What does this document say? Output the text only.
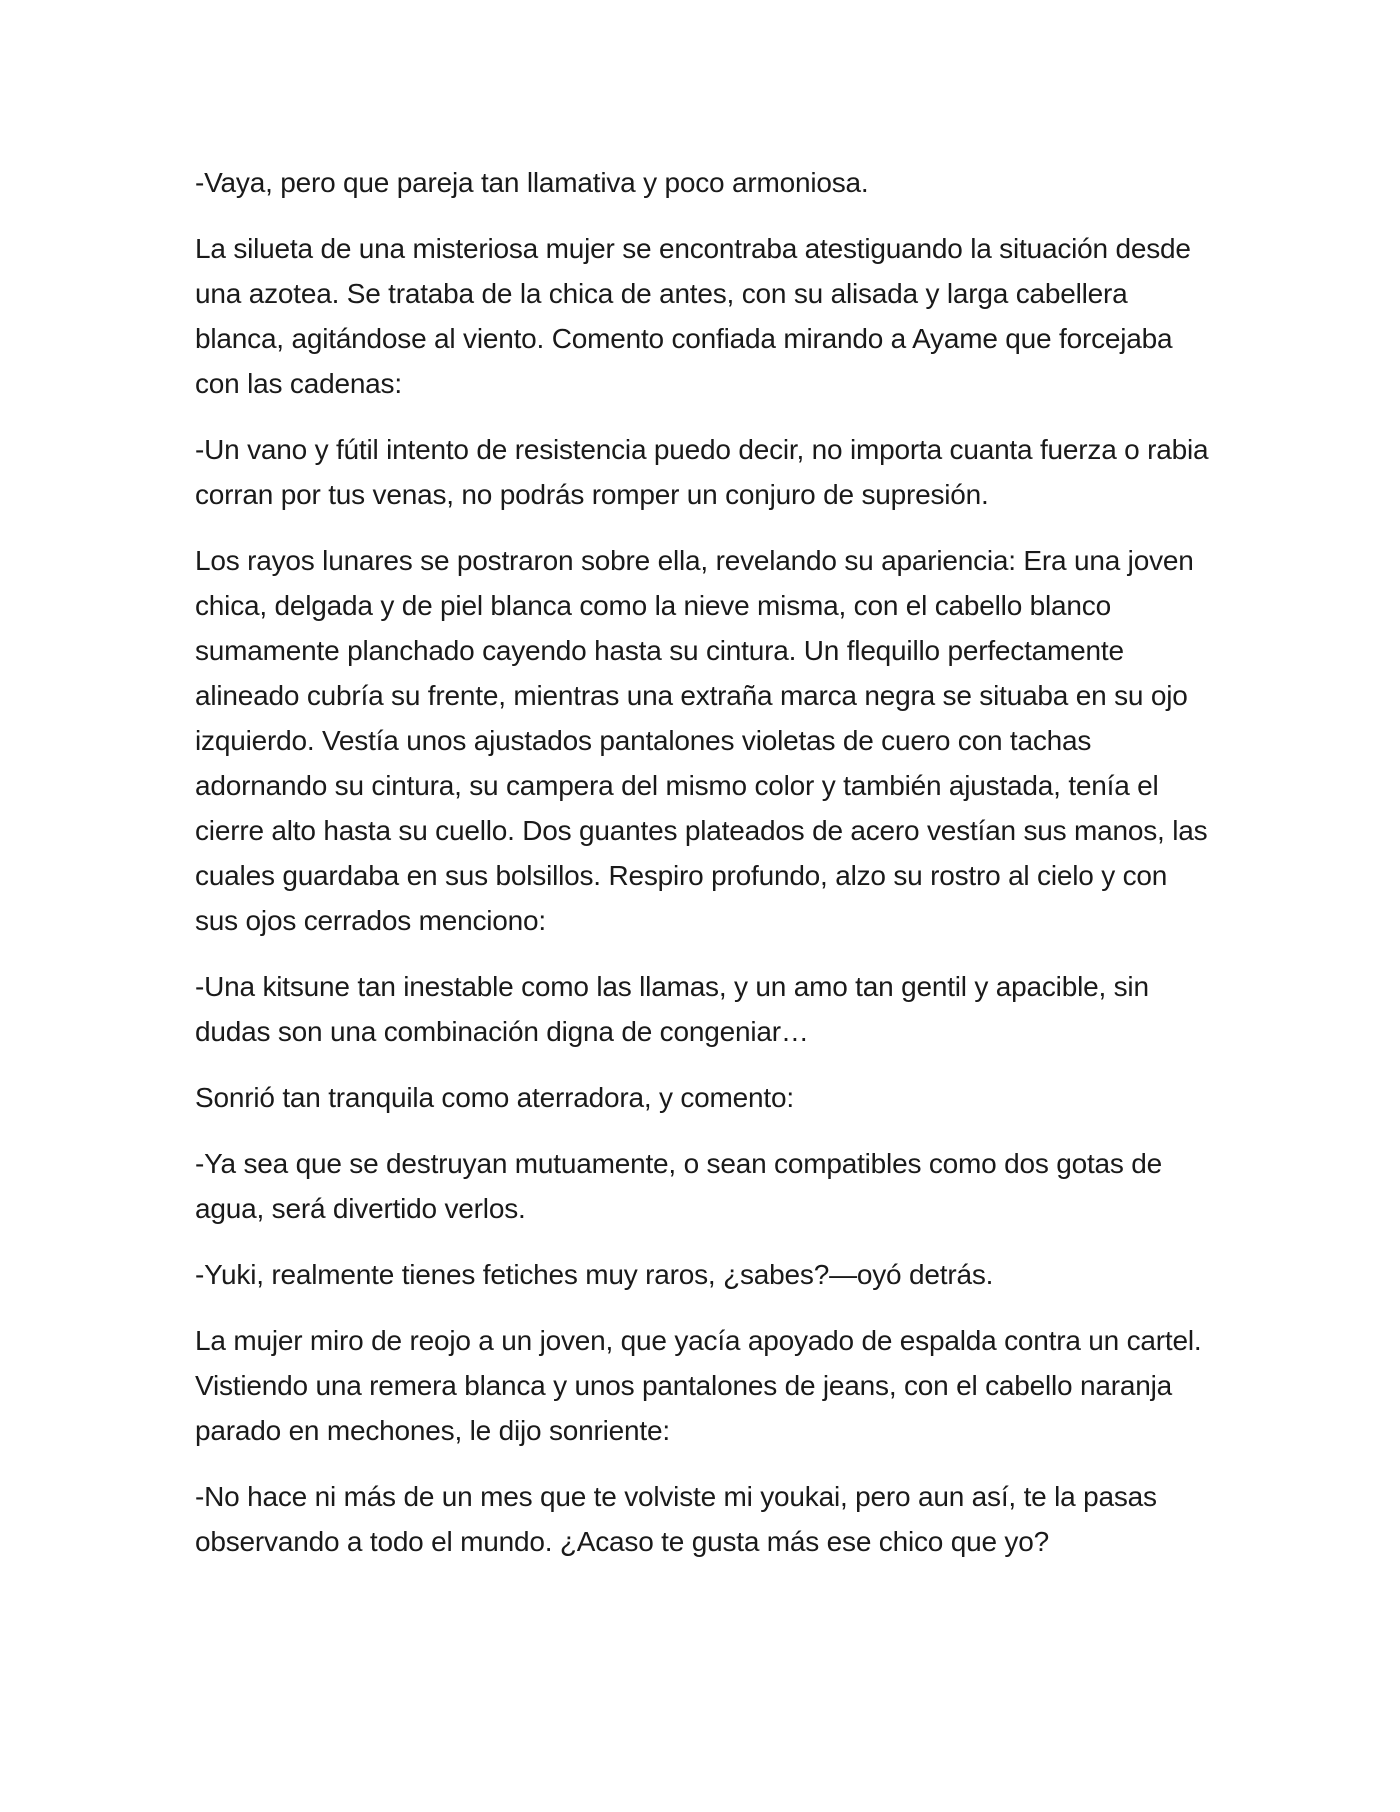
-Vaya, pero que pareja tan llamativa y poco armoniosa.

La silueta de una misteriosa mujer se encontraba atestiguando la situación desde una azotea. Se trataba de la chica de antes, con su alisada y larga cabellera blanca, agitándose al viento. Comento confiada mirando a Ayame que forcejaba con las cadenas:

-Un vano y fútil intento de resistencia puedo decir, no importa cuanta fuerza o rabia corran por tus venas, no podrás romper un conjuro de supresión.

Los rayos lunares se postraron sobre ella, revelando su apariencia: Era una joven chica, delgada y de piel blanca como la nieve misma, con el cabello blanco sumamente planchado cayendo hasta su cintura. Un flequillo perfectamente alineado cubría su frente, mientras una extraña marca negra se situaba en su ojo izquierdo. Vestía unos ajustados pantalones violetas de cuero con tachas adornando su cintura, su campera del mismo color y también ajustada, tenía el cierre alto hasta su cuello. Dos guantes plateados de acero vestían sus manos, las cuales guardaba en sus bolsillos. Respiro profundo, alzo su rostro al cielo y con sus ojos cerrados menciono:

-Una kitsune tan inestable como las llamas, y un amo tan gentil y apacible, sin dudas son una combinación digna de congeniar…

Sonrió tan tranquila como aterradora, y comento:

-Ya sea que se destruyan mutuamente, o sean compatibles como dos gotas de agua, será divertido verlos.

-Yuki, realmente tienes fetiches muy raros, ¿sabes?—oyó detrás.

La mujer miro de reojo a un joven, que yacía apoyado de espalda contra un cartel. Vistiendo una remera blanca y unos pantalones de jeans, con el cabello naranja parado en mechones, le dijo sonriente:

-No hace ni más de un mes que te volviste mi youkai, pero aun así, te la pasas observando a todo el mundo. ¿Acaso te gusta más ese chico que yo?
